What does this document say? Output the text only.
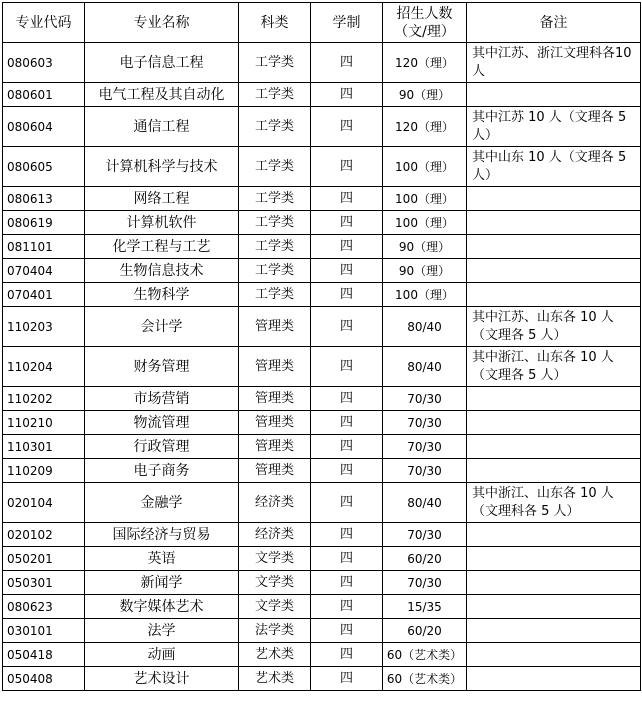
专业代码	专业名称	科类	学制	招生人数（文/理）	备注
080603	电子信息工程	工学类	四	120（理）	其中江苏、浙江文理科各10人
080601	电气工程及其自动化	工学类	四	90（理）	
080604	通信工程	工学类	四	120（理）	其中江苏 10 人（文理各 5 人）
080605	计算机科学与技术	工学类	四	100（理）	其中山东 10 人（文理各 5 人）
080613	网络工程	工学类	四	100（理）	
080619	计算机软件	工学类	四	100（理）	
081101	化学工程与工艺	工学类	四	90（理）	
070404	生物信息技术	工学类	四	90（理）	
070401	生物科学	工学类	四	100（理）	
110203	会计学	管理类	四	80/40	其中江苏、山东各 10 人（文理各 5 人）
110204	财务管理	管理类	四	80/40	其中浙江、山东各 10 人（文理各 5 人）
110202	市场营销	管理类	四	70/30	
110210	物流管理	管理类	四	70/30	
110301	行政管理	管理类	四	70/30	
110209	电子商务	管理类	四	70/30	
020104	金融学	经济类	四	80/40	其中浙江、山东各 10 人（文理科各 5 人）
020102	国际经济与贸易	经济类	四	70/30	
050201	英语	文学类	四	60/20	
050301	新闻学	文学类	四	70/30	
080623	数字媒体艺术	文学类	四	15/35	
030101	法学	法学类	四	60/20	
050418	动画	艺术类	四	60（艺术类）	
050408	艺术设计	艺术类	四	60（艺术类）	
